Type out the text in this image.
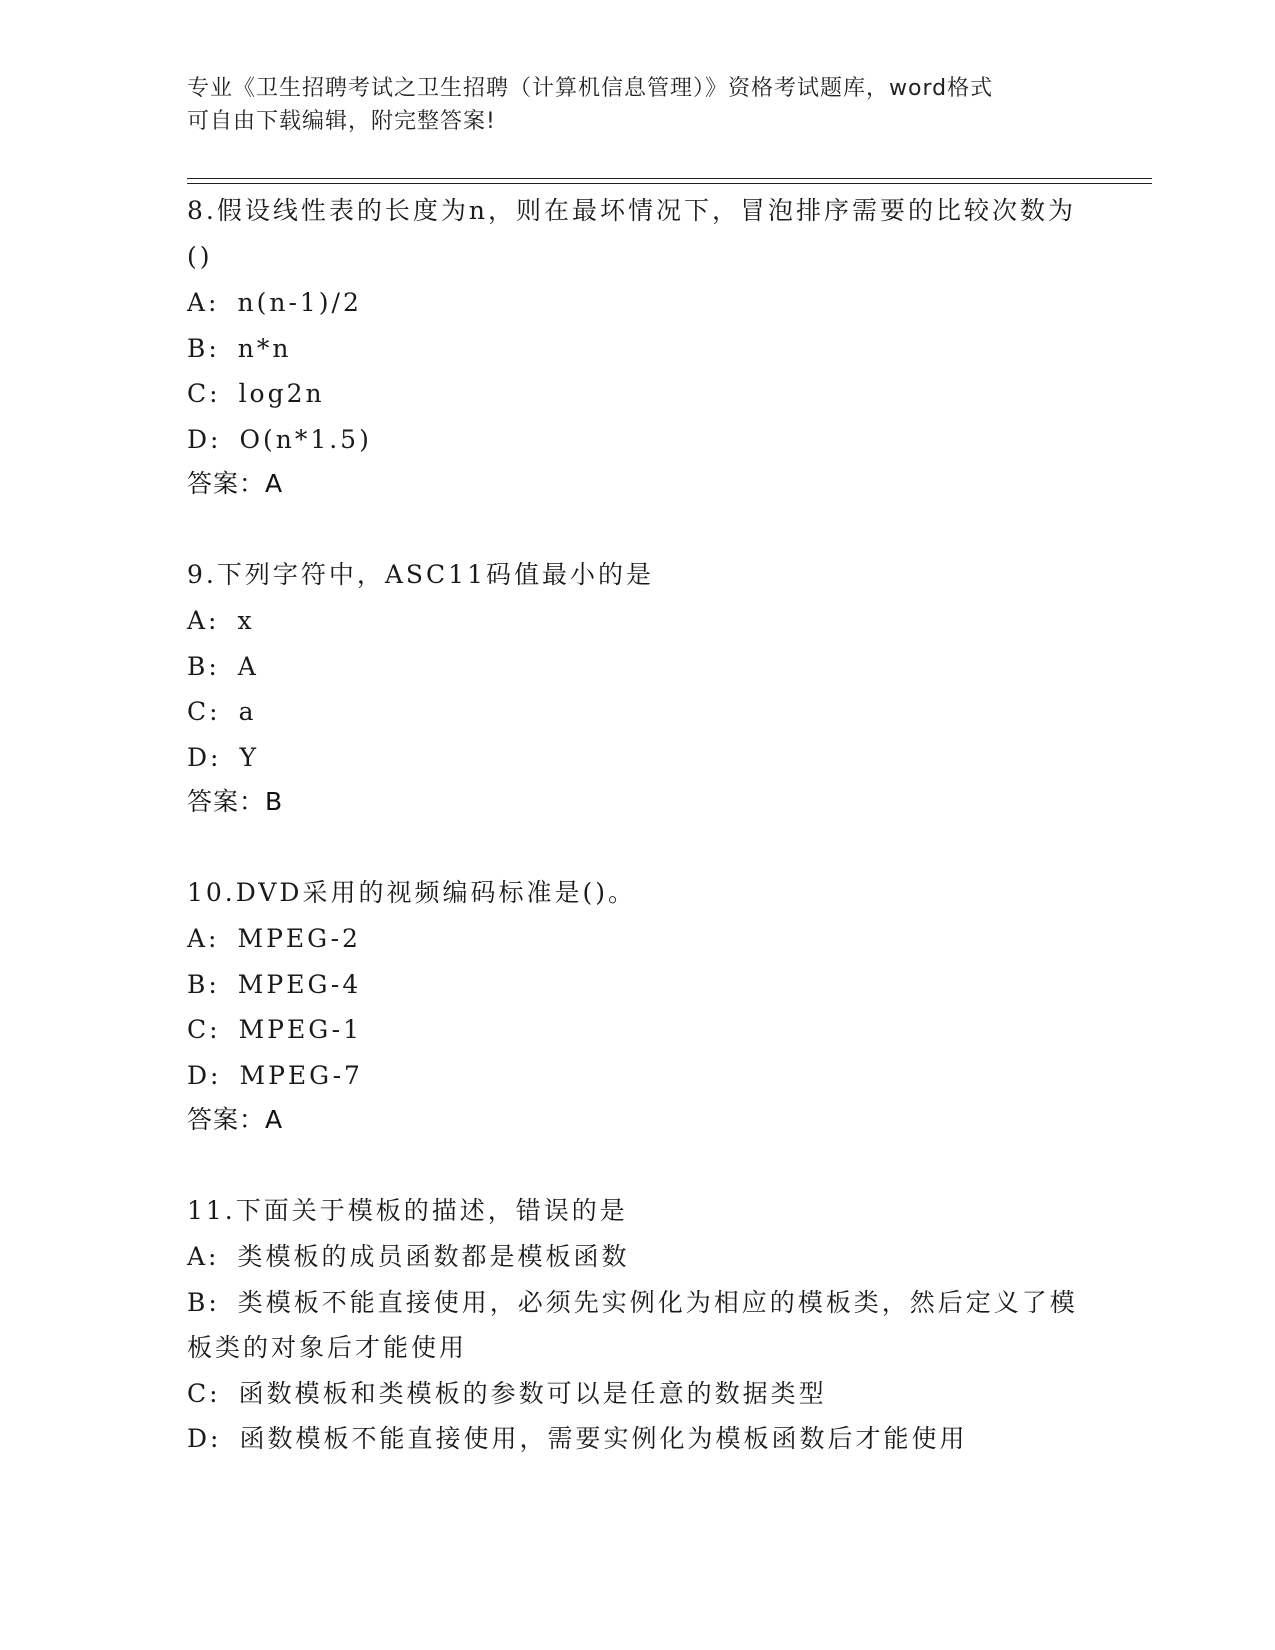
专业《卫生招聘考试之卫生招聘（计算机信息管理）》资格考试题库，word格式
可自由下载编辑，附完整答案!

8.假设线性表的长度为n，则在最坏情况下，冒泡排序需要的比较次数为()

A: n(n-1)/2

B: n*n

C: log2n

D: O(n*1.5)

答案：A

9.下列字符中，ASC11码值最小的是

A: x

B: A

C: a

D: Y

答案：B

10.DVD采用的视频编码标准是()。

A: MPEG-2

B: MPEG-4

C: MPEG-1

D: MPEG-7

答案：A

11.下面关于模板的描述，错误的是

A: 类模板的成员函数都是模板函数

B: 类模板不能直接使用，必须先实例化为相应的模板类，然后定义了模板类的对象后才能使用

C: 函数模板和类模板的参数可以是任意的数据类型

D: 函数模板不能直接使用，需要实例化为模板函数后才能使用
